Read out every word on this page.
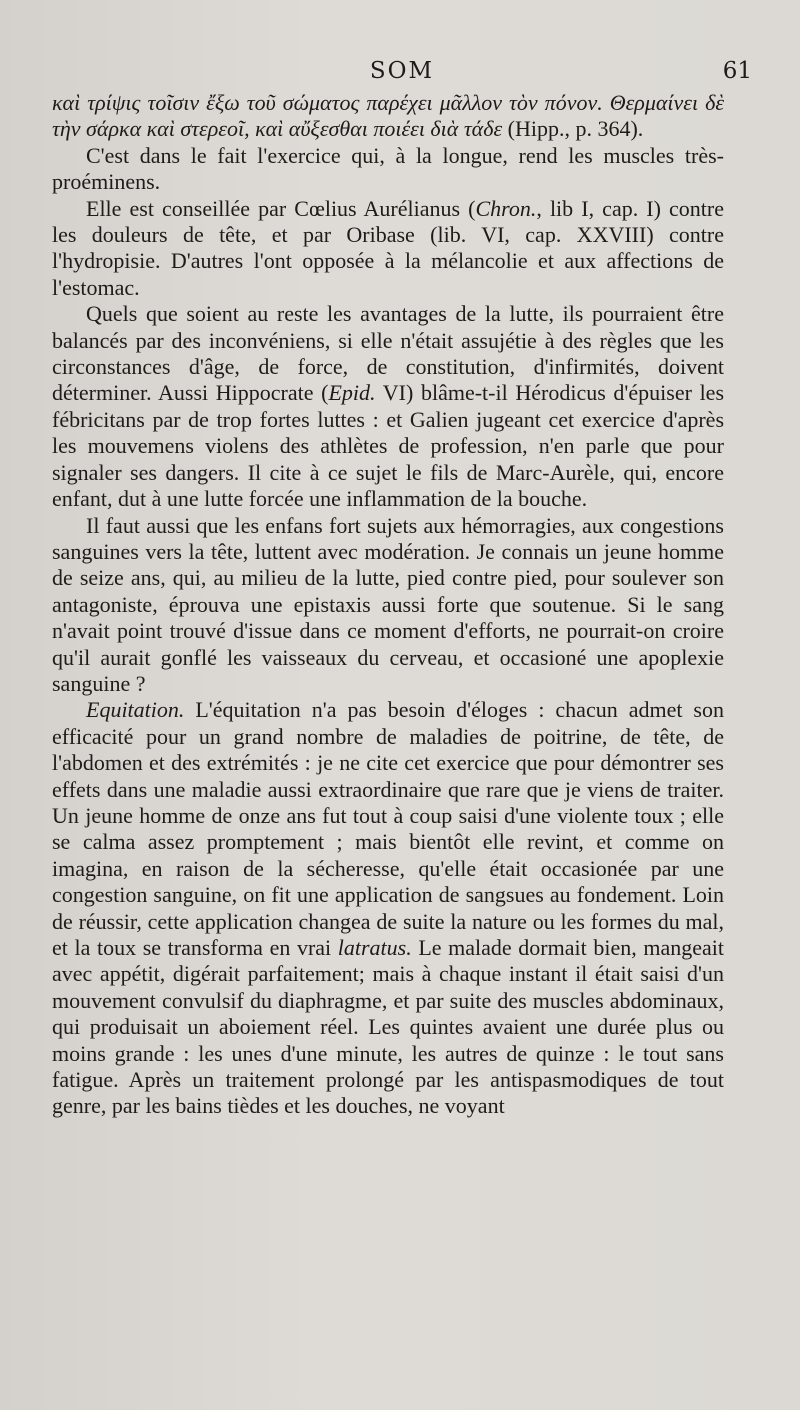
SOM	61

καὶ τρίψις τοῖσιν ἔξω τοῦ σώματος παρέχει μᾶλλον τὸν πόνον. Θερμαίνει δὲ τὴν σάρκα καὶ στερεοῖ, καὶ αὔξεσθαι ποιέει διὰ τάδε (Hipp., p. 364).

C'est dans le fait l'exercice qui, à la longue, rend les muscles très-proéminens.

Elle est conseillée par Cœlius Aurélianus (Chron., lib I, cap. I) contre les douleurs de tête, et par Oribase (lib. VI, cap. XXVIII) contre l'hydropisie. D'autres l'ont opposée à la mélancolie et aux affections de l'estomac.

Quels que soient au reste les avantages de la lutte, ils pourraient être balancés par des inconvéniens, si elle n'était assujétie à des règles que les circonstances d'âge, de force, de constitution, d'infirmités, doivent déterminer. Aussi Hippocrate (Epid. VI) blâme-t-il Hérodicus d'épuiser les fébricitans par de trop fortes luttes : et Galien jugeant cet exercice d'après les mouvemens violens des athlètes de profession, n'en parle que pour signaler ses dangers. Il cite à ce sujet le fils de Marc-Aurèle, qui, encore enfant, dut à une lutte forcée une inflammation de la bouche.

Il faut aussi que les enfans fort sujets aux hémorragies, aux congestions sanguines vers la tête, luttent avec modération. Je connais un jeune homme de seize ans, qui, au milieu de la lutte, pied contre pied, pour soulever son antagoniste, éprouva une epistaxis aussi forte que soutenue. Si le sang n'avait point trouvé d'issue dans ce moment d'efforts, ne pourrait-on croire qu'il aurait gonflé les vaisseaux du cerveau, et occasioné une apoplexie sanguine ?

Equitation. L'équitation n'a pas besoin d'éloges : chacun admet son efficacité pour un grand nombre de maladies de poitrine, de tête, de l'abdomen et des extrémités : je ne cite cet exercice que pour démontrer ses effets dans une maladie aussi extraordinaire que rare que je viens de traiter. Un jeune homme de onze ans fut tout à coup saisi d'une violente toux ; elle se calma assez promptement ; mais bientôt elle revint, et comme on imagina, en raison de la sécheresse, qu'elle était occasionée par une congestion sanguine, on fit une application de sangsues au fondement. Loin de réussir, cette application changea de suite la nature ou les formes du mal, et la toux se transforma en vrai latratus. Le malade dormait bien, mangeait avec appétit, digérait parfaitement; mais à chaque instant il était saisi d'un mouvement convulsif du diaphragme, et par suite des muscles abdominaux, qui produisait un aboiement réel. Les quintes avaient une durée plus ou moins grande : les unes d'une minute, les autres de quinze : le tout sans fatigue. Après un traitement prolongé par les antispasmodiques de tout genre, par les bains tièdes et les douches, ne voyant
